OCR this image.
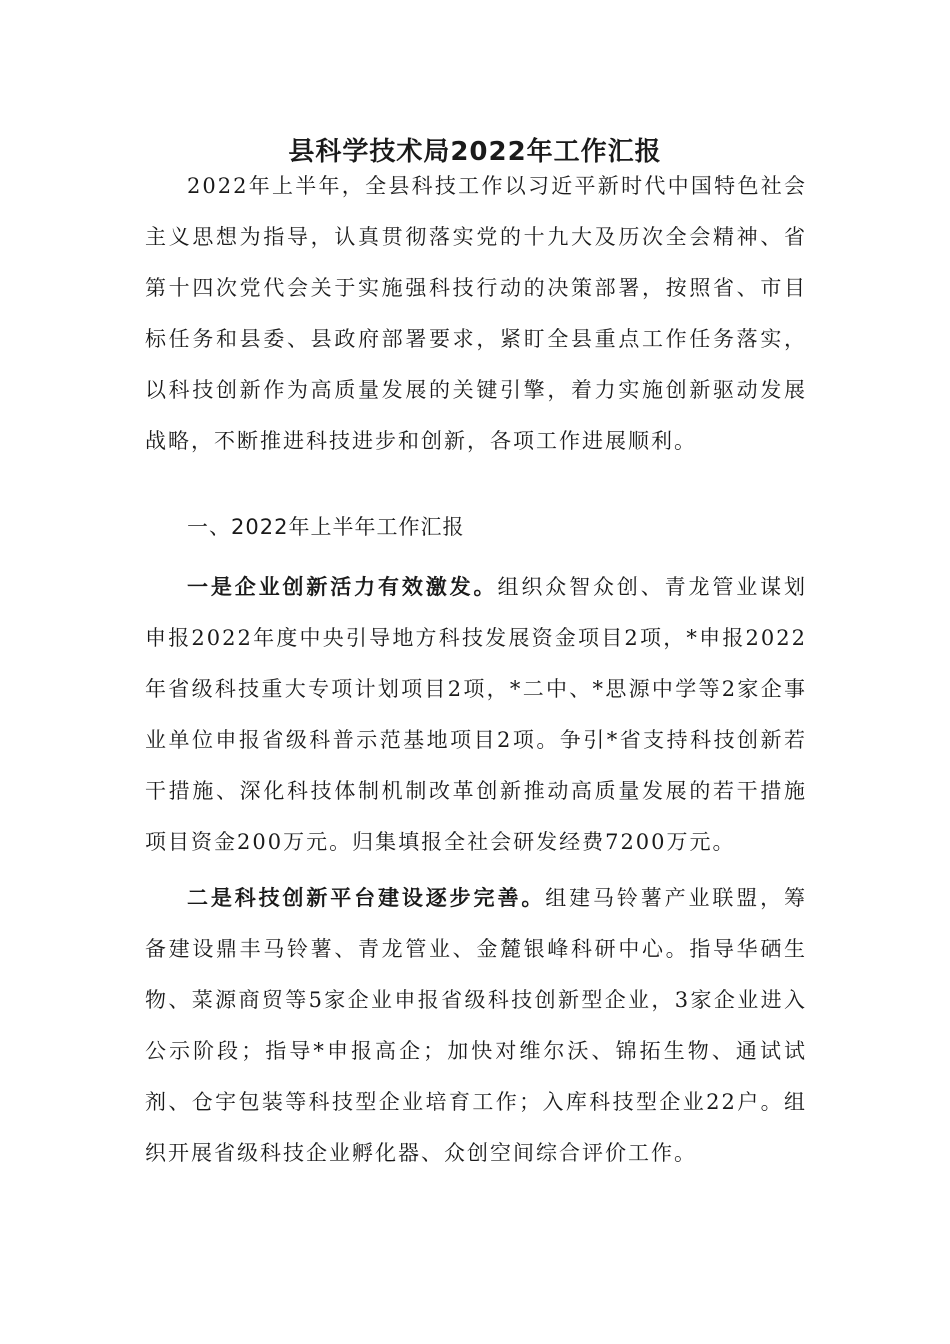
县科学技术局2022年工作汇报

2022年上半年，全县科技工作以习近平新时代中国特色社会主义思想为指导，认真贯彻落实党的十九大及历次全会精神、省第十四次党代会关于实施强科技行动的决策部署，按照省、市目标任务和县委、县政府部署要求，紧盯全县重点工作任务落实，以科技创新作为高质量发展的关键引擎，着力实施创新驱动发展战略，不断推进科技进步和创新，各项工作进展顺利。

一、2022年上半年工作汇报

一是企业创新活力有效激发。组织众智众创、青龙管业谋划申报2022年度中央引导地方科技发展资金项目2项，*申报2022年省级科技重大专项计划项目2项，*二中、*思源中学等2家企事业单位申报省级科普示范基地项目2项。争引*省支持科技创新若干措施、深化科技体制机制改革创新推动高质量发展的若干措施项目资金200万元。归集填报全社会研发经费7200万元。

二是科技创新平台建设逐步完善。组建马铃薯产业联盟，筹备建设鼎丰马铃薯、青龙管业、金麓银峰科研中心。指导华硒生物、菜源商贸等5家企业申报省级科技创新型企业，3家企业进入公示阶段；指导*申报高企；加快对维尔沃、锦拓生物、通试试剂、仓宇包装等科技型企业培育工作；入库科技型企业22户。组织开展省级科技企业孵化器、众创空间综合评价工作。
